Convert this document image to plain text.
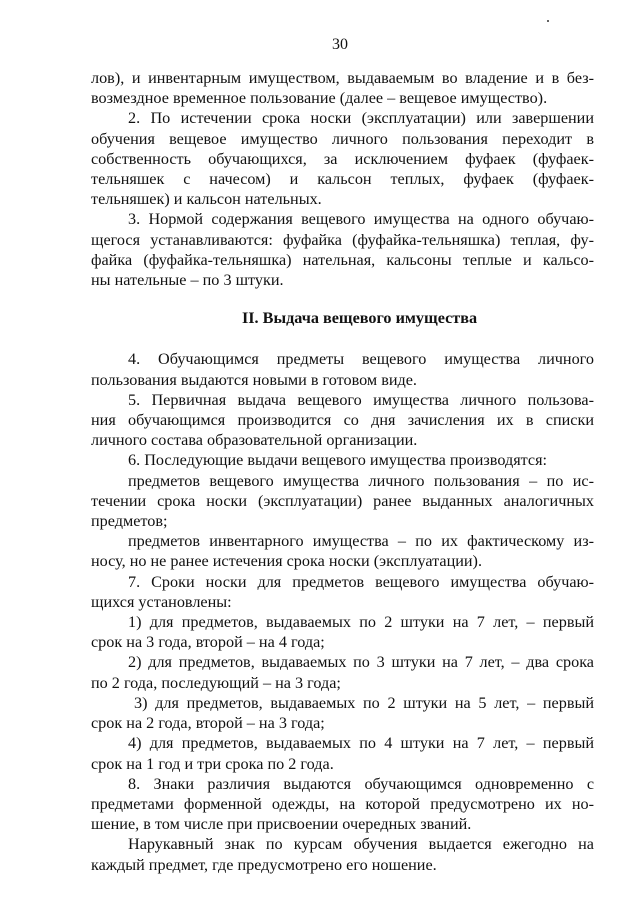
30
лов), и инвентарным имуществом, выдаваемым во владение и в без-
возмездное временное пользование (далее – вещевое имущество).
2. По истечении срока носки (эксплуатации) или завершении
обучения вещевое имущество личного пользования переходит в
собственность обучающихся, за исключением фуфаек (фуфаек-
тельняшек с начесом) и кальсон теплых, фуфаек (фуфаек-
тельняшек) и кальсон нательных.
3. Нормой содержания вещевого имущества на одного обучаю-
щегося устанавливаются: фуфайка (фуфайка-тельняшка) теплая, фу-
файка (фуфайка-тельняшка) нательная, кальсоны теплые и кальсо-
ны нательные – по 3 штуки.
II. Выдача вещевого имущества
4. Обучающимся предметы вещевого имущества личного
пользования выдаются новыми в готовом виде.
5. Первичная выдача вещевого имущества личного пользова-
ния обучающимся производится со дня зачисления их в списки
личного состава образовательной организации.
6. Последующие выдачи вещевого имущества производятся:
предметов вещевого имущества личного пользования – по ис-
течении срока носки (эксплуатации) ранее выданных аналогичных
предметов;
предметов инвентарного имущества – по их фактическому из-
носу, но не ранее истечения срока носки (эксплуатации).
7. Сроки носки для предметов вещевого имущества обучаю-
щихся установлены:
1) для предметов, выдаваемых по 2 штуки на 7 лет, – первый
срок на 3 года, второй – на 4 года;
2) для предметов, выдаваемых по 3 штуки на 7 лет, – два срока
по 2 года, последующий – на 3 года;
3) для предметов, выдаваемых по 2 штуки на 5 лет, – первый
срок на 2 года, второй – на 3 года;
4) для предметов, выдаваемых по 4 штуки на 7 лет, – первый
срок на 1 год и три срока по 2 года.
8. Знаки различия выдаются обучающимся одновременно с
предметами форменной одежды, на которой предусмотрено их но-
шение, в том числе при присвоении очередных званий.
Нарукавный знак по курсам обучения выдается ежегодно на
каждый предмет, где предусмотрено его ношение.
